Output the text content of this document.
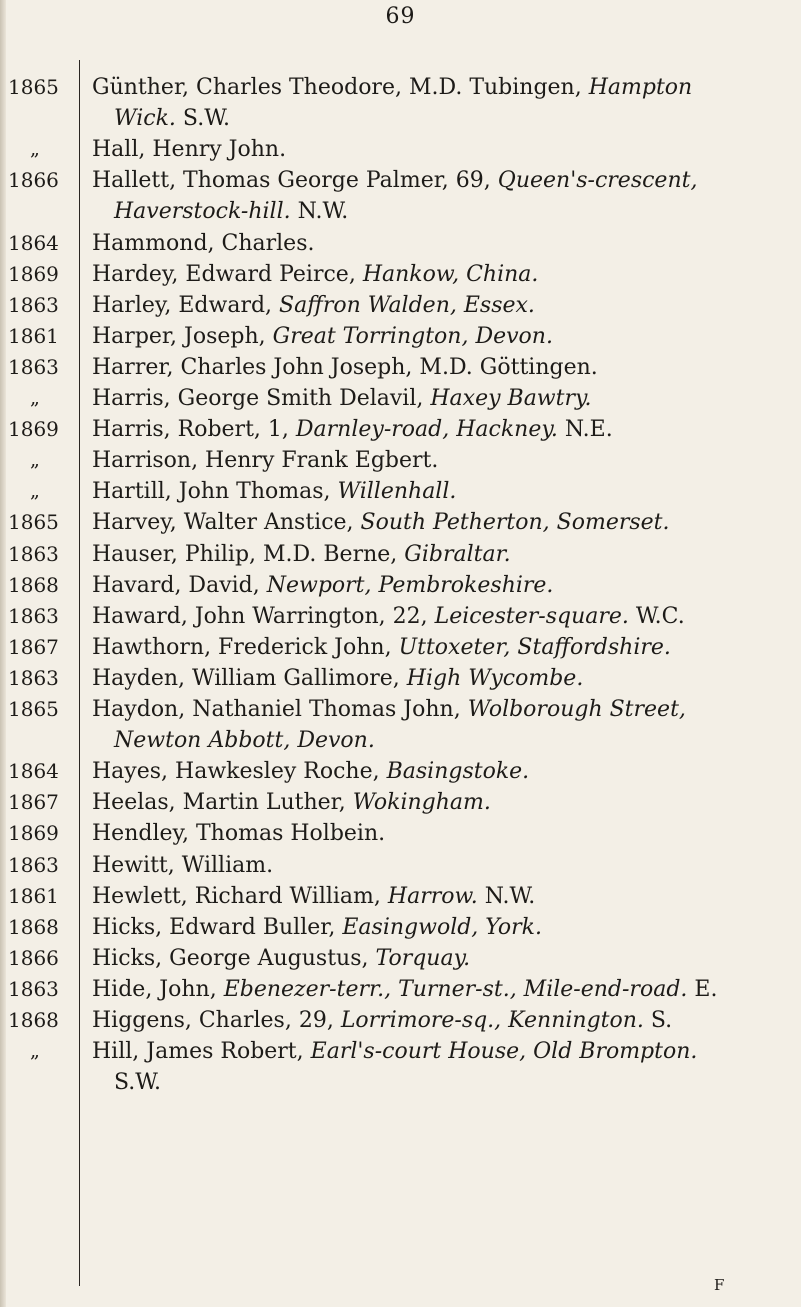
69
1865	Günther, Charles Theodore, M.D. Tubingen, Hampton
Wick. S.W.
„	Hall, Henry John.
1866	Hallett, Thomas George Palmer, 69, Queen's-crescent,
Haverstock-hill. N.W.
1864	Hammond, Charles.
1869	Hardey, Edward Peirce, Hankow, China.
1863	Harley, Edward, Saffron Walden, Essex.
1861	Harper, Joseph, Great Torrington, Devon.
1863	Harrer, Charles John Joseph, M.D. Göttingen.
„	Harris, George Smith Delavil, Haxey Bawtry.
1869	Harris, Robert, 1, Darnley-road, Hackney. N.E.
„	Harrison, Henry Frank Egbert.
„	Hartill, John Thomas, Willenhall.
1865	Harvey, Walter Anstice, South Petherton, Somerset.
1863	Hauser, Philip, M.D. Berne, Gibraltar.
1868	Havard, David, Newport, Pembrokeshire.
1863	Haward, John Warrington, 22, Leicester-square. W.C.
1867	Hawthorn, Frederick John, Uttoxeter, Staffordshire.
1863	Hayden, William Gallimore, High Wycombe.
1865	Haydon, Nathaniel Thomas John, Wolborough Street,
Newton Abbott, Devon.
1864	Hayes, Hawkesley Roche, Basingstoke.
1867	Heelas, Martin Luther, Wokingham.
1869	Hendley, Thomas Holbein.
1863	Hewitt, William.
1861	Hewlett, Richard William, Harrow. N.W.
1868	Hicks, Edward Buller, Easingwold, York.
1866	Hicks, George Augustus, Torquay.
1863	Hide, John, Ebenezer-terr., Turner-st., Mile-end-road. E.
1868	Higgens, Charles, 29, Lorrimore-sq., Kennington. S.
„	Hill, James Robert, Earl's-court House, Old Brompton.
S.W.
F
